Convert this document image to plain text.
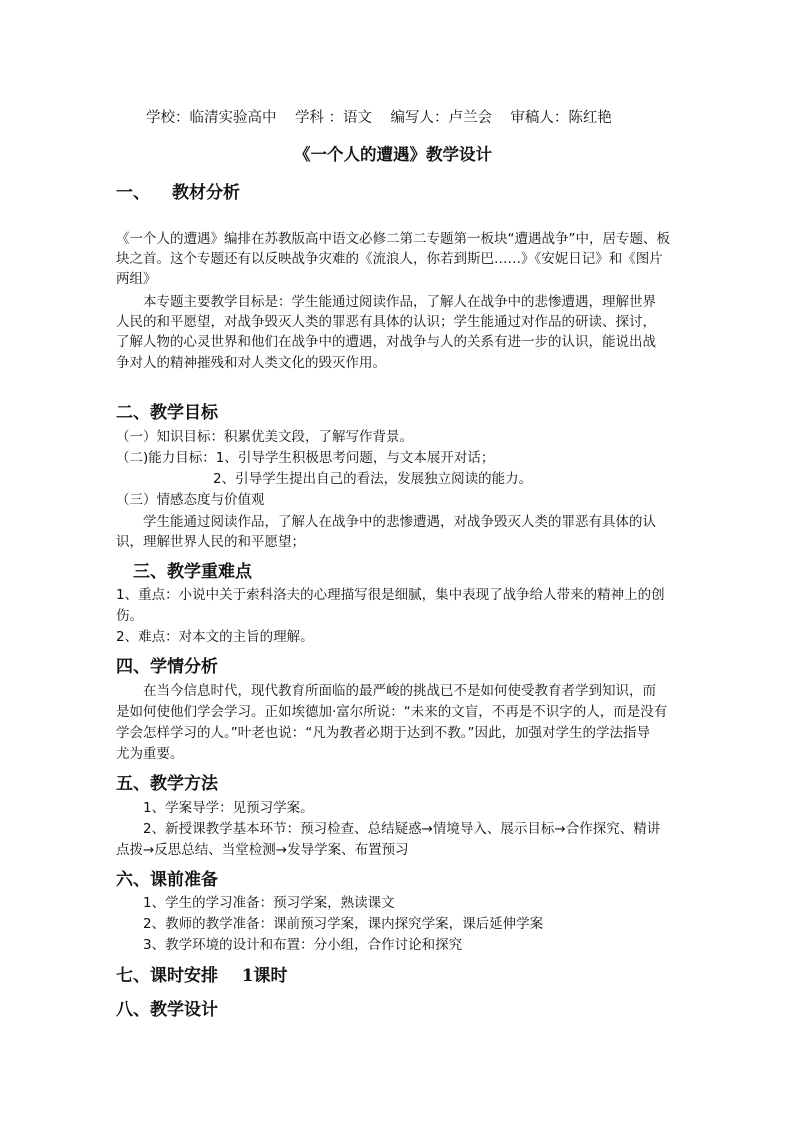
学校：临清实验高中 学科 ：语文 编写人：卢兰会 审稿人：陈红艳
《一个人的遭遇》教学设计
一、 教材分析
《一个人的遭遇》编排在苏教版高中语文必修二第二专题第一板块“遭遇战争”中，居专题、板
块之首。这个专题还有以反映战争灾难的《流浪人，你若到斯巴……》《安妮日记》和《图片
两组》
本专题主要教学目标是：学生能通过阅读作品，了解人在战争中的悲惨遭遇，理解世界
人民的和平愿望，对战争毁灭人类的罪恶有具体的认识；学生能通过对作品的研读、探讨，
了解人物的心灵世界和他们在战争中的遭遇，对战争与人的关系有进一步的认识，能说出战
争对人的精神摧残和对人类文化的毁灭作用。
二、教学目标
（一）知识目标：积累优美文段，了解写作背景。
（二)能力目标：1、引导学生积极思考问题，与文本展开对话；
2、引导学生提出自己的看法，发展独立阅读的能力。
（三）情感态度与价值观
学生能通过阅读作品，了解人在战争中的悲惨遭遇，对战争毁灭人类的罪恶有具体的认
识，理解世界人民的和平愿望；
三、教学重难点
1、重点：小说中关于索科洛夫的心理描写很是细腻，集中表现了战争给人带来的精神上的创
伤。
2、难点：对本文的主旨的理解。
四、学情分析
在当今信息时代，现代教育所面临的最严峻的挑战已不是如何使受教育者学到知识，而
是如何使他们学会学习。正如埃德加·富尔所说：“未来的文盲，不再是不识字的人，而是没有
学会怎样学习的人。”叶老也说：“凡为教者必期于达到不教。”因此，加强对学生的学法指导
尤为重要。
五、教学方法
1、学案导学：见预习学案。
2、新授课教学基本环节：预习检查、总结疑惑→情境导入、展示目标→合作探究、精讲
点拨→反思总结、当堂检测→发导学案、布置预习
六、课前准备
1、学生的学习准备：预习学案，熟读课文
2、教师的教学准备：课前预习学案，课内探究学案，课后延伸学案
3、教学环境的设计和布置：分小组，合作讨论和探究
七、课时安排 1课时
八、教学设计
